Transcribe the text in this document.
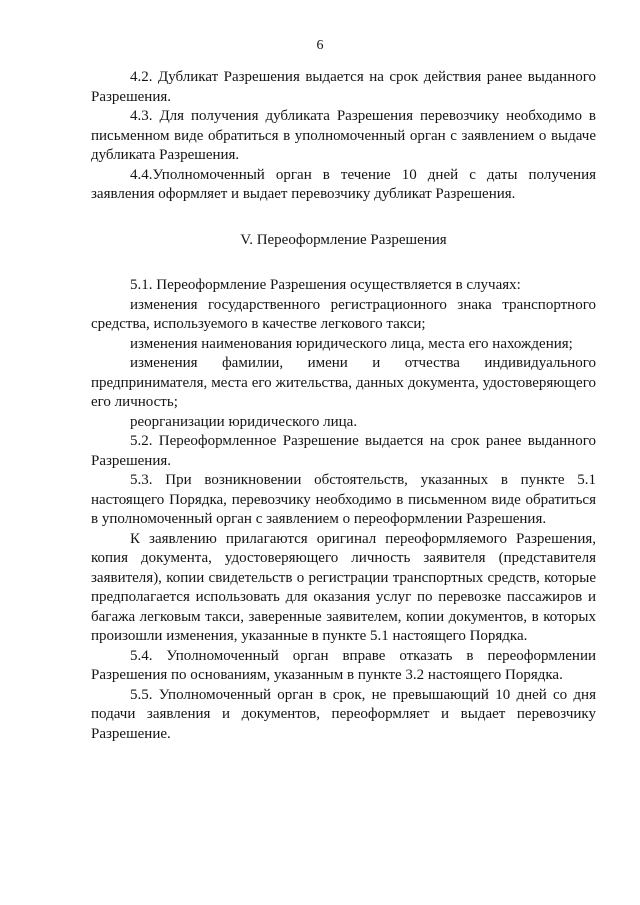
6

4.2. Дубликат Разрешения выдается на срок действия ранее выданного Разрешения.

4.3. Для получения дубликата Разрешения перевозчику необходимо в письменном виде обратиться в уполномоченный орган с заявлением о выдаче дубликата Разрешения.

4.4.Уполномоченный орган в течение 10 дней с даты получения заявления оформляет и выдает перевозчику дубликат Разрешения.

V. Переоформление Разрешения

5.1. Переоформление Разрешения осуществляется в случаях:

изменения государственного регистрационного знака транспортного средства, используемого в качестве легкового такси;

изменения наименования юридического лица, места его нахождения;

изменения фамилии, имени и отчества индивидуального предпринимателя, места его жительства, данных документа, удостоверяющего его личность;

реорганизации юридического лица.

5.2. Переоформленное Разрешение выдается на срок ранее выданного Разрешения.

5.3. При возникновении обстоятельств, указанных в пункте 5.1 настоящего Порядка, перевозчику необходимо в письменном виде обратиться в уполномоченный орган с заявлением о переоформлении Разрешения.

К заявлению прилагаются оригинал переоформляемого Разрешения, копия документа, удостоверяющего личность заявителя (представителя заявителя), копии свидетельств о регистрации транспортных средств, которые предполагается использовать для оказания услуг по перевозке пассажиров и багажа легковым такси, заверенные заявителем, копии документов, в которых произошли изменения, указанные в пункте 5.1 настоящего Порядка.

5.4. Уполномоченный орган вправе отказать в переоформлении Разрешения по основаниям, указанным в пункте 3.2 настоящего Порядка.

5.5. Уполномоченный орган в срок, не превышающий 10 дней со дня подачи заявления и документов, переоформляет и выдает перевозчику Разрешение.
